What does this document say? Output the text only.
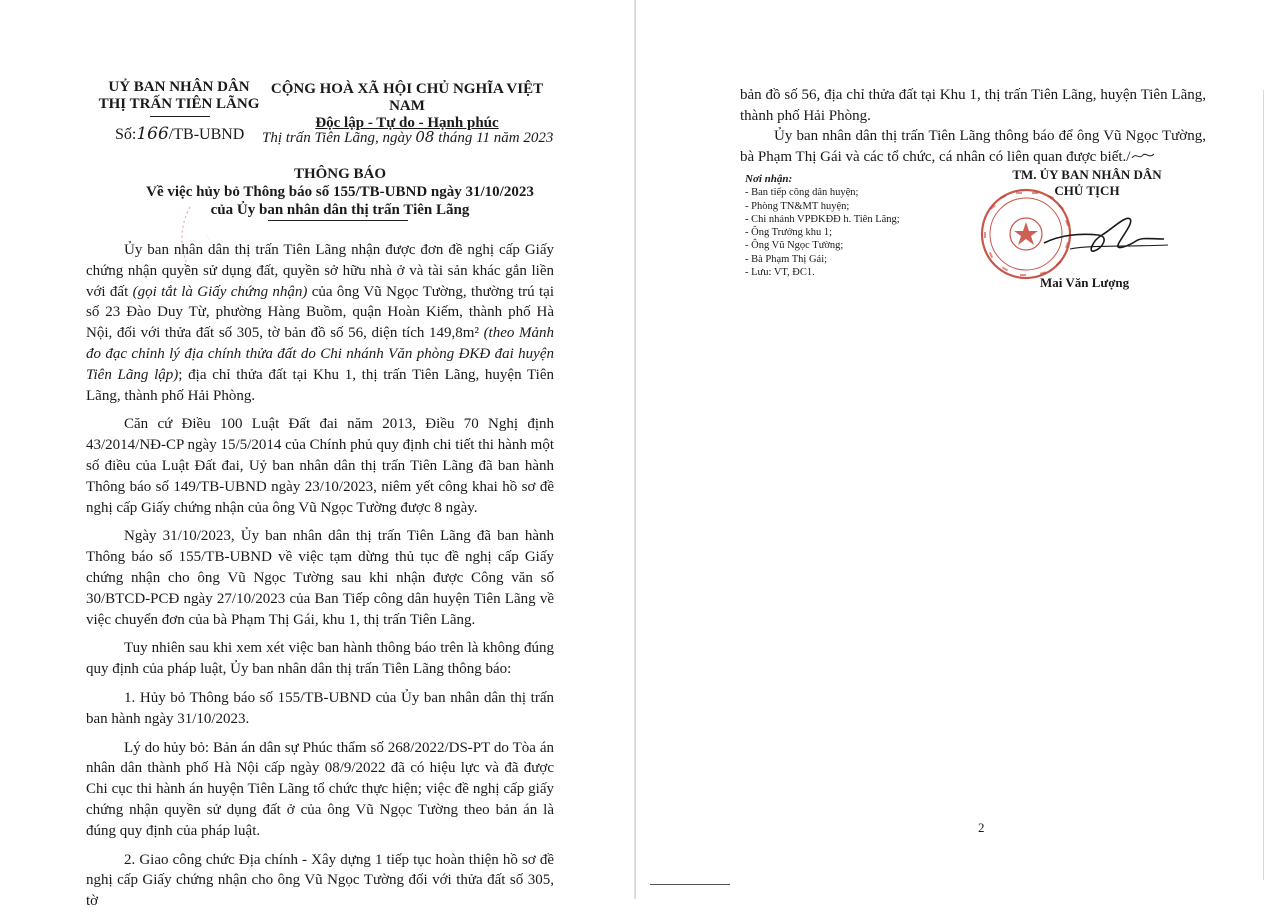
UỶ BAN NHÂN DÂN
THỊ TRẤN TIÊN LÃNG
CỘNG HOÀ XÃ HỘI CHỦ NGHĨA VIỆT NAM
Độc lập - Tự do - Hạnh phúc
Số:166/TB-UBND Thị trấn Tiên Lãng, ngày 08 tháng 11 năm 2023
THÔNG BÁO
Về việc hủy bỏ Thông báo số 155/TB-UBND ngày 31/10/2023
của Ủy ban nhân dân thị trấn Tiên Lãng

Ủy ban nhân dân thị trấn Tiên Lãng nhận được đơn đề nghị cấp Giấy chứng nhận quyền sử dụng đất, quyền sở hữu nhà ở và tài sản khác gắn liền với đất (gọi tắt là Giấy chứng nhận) của ông Vũ Ngọc Tường, thường trú tại số 23 Đào Duy Từ, phường Hàng Buồm, quận Hoàn Kiếm, thành phố Hà Nội, đối với thửa đất số 305, tờ bản đồ số 56, diện tích 149,8m² (theo Mảnh đo đạc chỉnh lý địa chính thửa đất do Chi nhánh Văn phòng ĐKĐ đai huyện Tiên Lãng lập); địa chỉ thửa đất tại Khu 1, thị trấn Tiên Lãng, huyện Tiên Lãng, thành phố Hải Phòng.

Căn cứ Điều 100 Luật Đất đai năm 2013, Điều 70 Nghị định 43/2014/NĐ-CP ngày 15/5/2014 của Chính phủ quy định chi tiết thi hành một số điều của Luật Đất đai, Uỷ ban nhân dân thị trấn Tiên Lãng đã ban hành Thông báo số 149/TB-UBND ngày 23/10/2023, niêm yết công khai hồ sơ đề nghị cấp Giấy chứng nhận của ông Vũ Ngọc Tường được 8 ngày.

Ngày 31/10/2023, Ủy ban nhân dân thị trấn Tiên Lãng đã ban hành Thông báo số 155/TB-UBND về việc tạm dừng thủ tục đề nghị cấp Giấy chứng nhận cho ông Vũ Ngọc Tường sau khi nhận được Công văn số 30/BTCD-PCĐ ngày 27/10/2023 của Ban Tiếp công dân huyện Tiên Lãng về việc chuyển đơn của bà Phạm Thị Gái, khu 1, thị trấn Tiên Lãng.

Tuy nhiên sau khi xem xét việc ban hành thông báo trên là không đúng quy định của pháp luật, Ủy ban nhân dân thị trấn Tiên Lãng thông báo:

1. Hủy bỏ Thông báo số 155/TB-UBND của Ủy ban nhân dân thị trấn ban hành ngày 31/10/2023.

Lý do hủy bỏ: Bản án dân sự Phúc thẩm số 268/2022/DS-PT do Tòa án nhân dân thành phố Hà Nội cấp ngày 08/9/2022 đã có hiệu lực và đã được Chi cục thi hành án huyện Tiên Lãng tổ chức thực hiện; việc đề nghị cấp giấy chứng nhận quyền sử dụng đất ở của ông Vũ Ngọc Tường theo bản án là đúng quy định của pháp luật.

2. Giao công chức Địa chính - Xây dựng 1 tiếp tục hoàn thiện hồ sơ đề nghị cấp Giấy chứng nhận cho ông Vũ Ngọc Tường đối với thửa đất số 305, tờ

bản đồ số 56, địa chỉ thửa đất tại Khu 1, thị trấn Tiên Lãng, huyện Tiên Lãng, thành phố Hải Phòng.

Ủy ban nhân dân thị trấn Tiên Lãng thông báo để ông Vũ Ngọc Tường, bà Phạm Thị Gái và các tổ chức, cá nhân có liên quan được biết./

Nơi nhận:
- Ban tiếp công dân huyện;
- Phòng TN&MT huyện;
- Chi nhánh VPĐKĐĐ h. Tiên Lãng;
- Ông Trưởng khu 1;
- Ông Vũ Ngọc Tường;
- Bà Phạm Thị Gái;
- Lưu: VT, ĐC1.
TM. ỦY BAN NHÂN DÂN
CHỦ TỊCH
Mai Văn Lượng
2
